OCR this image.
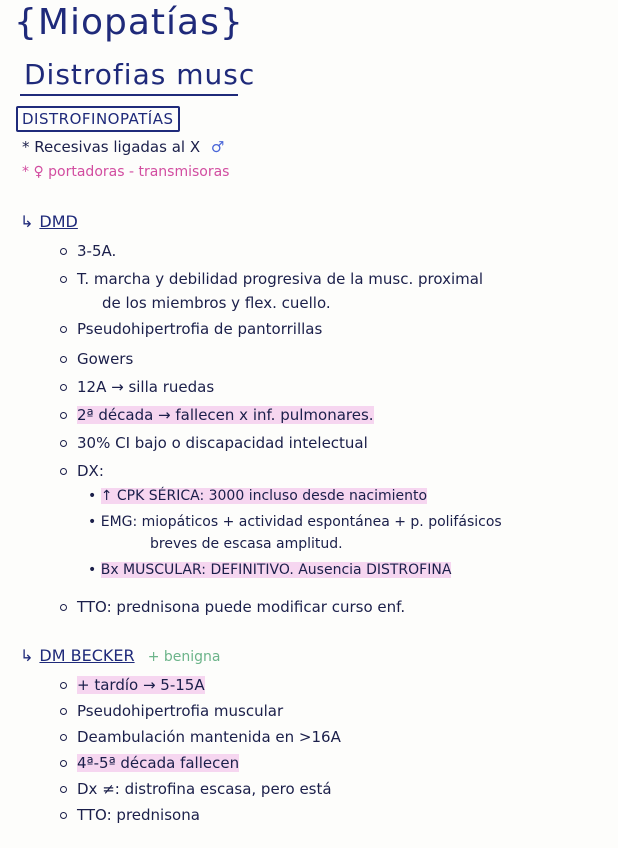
{Miopatías}
Distrofias musc
DISTROFINOPATÍAS
* Recesivas ligadas al X ♂
* ♀ portadoras - transmisoras
↳ DMD
3-5A.
T. marcha y debilidad progresiva de la musc. proximal
de los miembros y flex. cuello.
Pseudohipertrofia de pantorrillas
Gowers
12A → silla ruedas
2ª década → fallecen x inf. pulmonares.
30% CI bajo o discapacidad intelectual
DX:
• ↑ CPK SÉRICA: 3000 incluso desde nacimiento
• EMG: miopáticos + actividad espontánea + p. polifásicos
breves de escasa amplitud.
• Bx MUSCULAR: DEFINITIVO. Ausencia DISTROFINA
TTO: prednisona puede modificar curso enf.
↳ DM BECKER + benigna
+ tardío → 5-15A
Pseudohipertrofia muscular
Deambulación mantenida en >16A
4ª-5ª década fallecen
Dx ≠: distrofina escasa, pero está
TTO: prednisona
